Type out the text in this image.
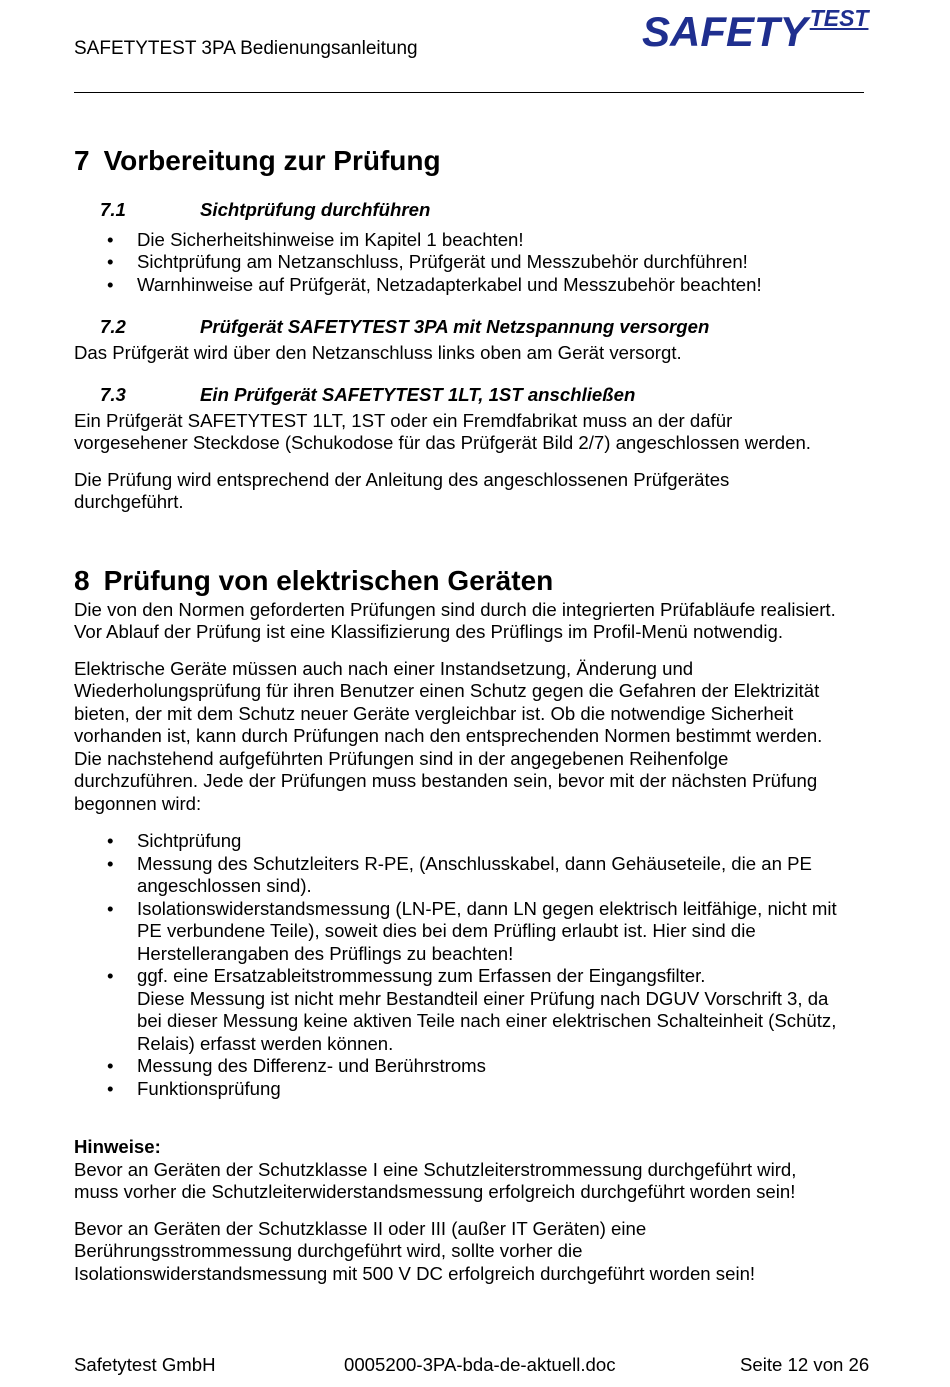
SAFETYTEST 3PA Bedienungsanleitung	SAFETYTEST
7 Vorbereitung zur Prüfung
7.1	Sichtprüfung durchführen
• Die Sicherheitshinweise im Kapitel 1 beachten!
• Sichtprüfung am Netzanschluss, Prüfgerät und Messzubehör durchführen!
• Warnhinweise auf Prüfgerät, Netzadapterkabel und Messzubehör beachten!
7.2	Prüfgerät SAFETYTEST 3PA mit Netzspannung versorgen

Das Prüfgerät wird über den Netzanschluss links oben am Gerät versorgt.

7.3	Ein Prüfgerät SAFETYTEST 1LT, 1ST anschließen

Ein Prüfgerät SAFETYTEST 1LT, 1ST oder ein Fremdfabrikat muss an der dafür
vorgesehener Steckdose (Schukodose für das Prüfgerät Bild 2/7) angeschlossen werden.

Die Prüfung wird entsprechend der Anleitung des angeschlossenen Prüfgerätes
durchgeführt.

8 Prüfung von elektrischen Geräten

Die von den Normen geforderten Prüfungen sind durch die integrierten Prüfabläufe realisiert.
Vor Ablauf der Prüfung ist eine Klassifizierung des Prüflings im Profil-Menü notwendig.

Elektrische Geräte müssen auch nach einer Instandsetzung, Änderung und
Wiederholungsprüfung für ihren Benutzer einen Schutz gegen die Gefahren der Elektrizität
bieten, der mit dem Schutz neuer Geräte vergleichbar ist. Ob die notwendige Sicherheit
vorhanden ist, kann durch Prüfungen nach den entsprechenden Normen bestimmt werden.
Die nachstehend aufgeführten Prüfungen sind in der angegebenen Reihenfolge
durchzuführen. Jede der Prüfungen muss bestanden sein, bevor mit der nächsten Prüfung
begonnen wird:

• Sichtprüfung
• Messung des Schutzleiters R-PE, (Anschlusskabel, dann Gehäuseteile, die an PE
angeschlossen sind).
• Isolationswiderstandsmessung (LN-PE, dann LN gegen elektrisch leitfähige, nicht mit
PE verbundene Teile), soweit dies bei dem Prüfling erlaubt ist. Hier sind die
Herstellerangaben des Prüflings zu beachten!
• ggf. eine Ersatzableitstrommessung zum Erfassen der Eingangsfilter.
Diese Messung ist nicht mehr Bestandteil einer Prüfung nach DGUV Vorschrift 3, da
bei dieser Messung keine aktiven Teile nach einer elektrischen Schalteinheit (Schütz,
Relais) erfasst werden können.
• Messung des Differenz- und Berührstroms
• Funktionsprüfung

Hinweise:

Bevor an Geräten der Schutzklasse I eine Schutzleiterstrommessung durchgeführt wird,
muss vorher die Schutzleiterwiderstandsmessung erfolgreich durchgeführt worden sein!

Bevor an Geräten der Schutzklasse II oder III (außer IT Geräten) eine
Berührungsstrommessung durchgeführt wird, sollte vorher die
Isolationswiderstandsmessung mit 500 V DC erfolgreich durchgeführt worden sein!

Safetytest GmbH	0005200-3PA-bda-de-aktuell.doc	Seite 12 von 26
